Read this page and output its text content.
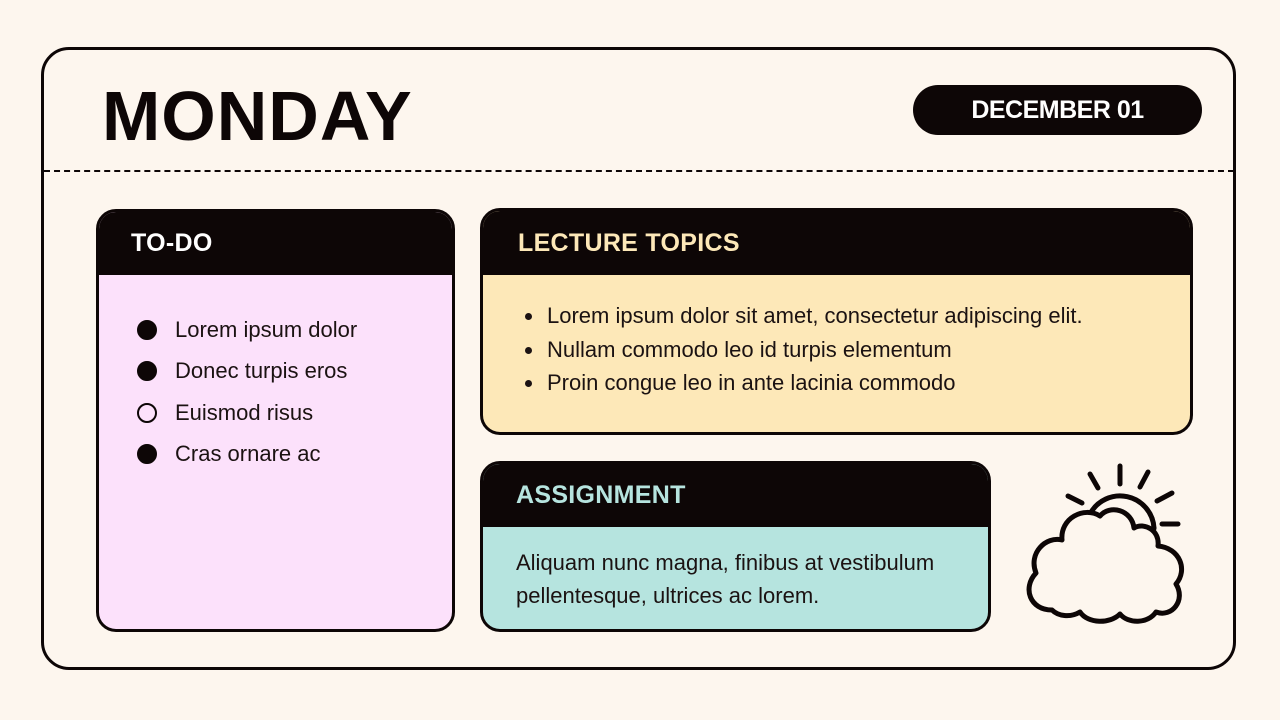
MONDAY	DECEMBER 01
TO-DO
Lorem ipsum dolor
Donec turpis eros
Euismod risus
Cras ornare ac
LECTURE TOPICS
• Lorem ipsum dolor sit amet, consectetur adipiscing elit.
• Nullam commodo leo id turpis elementum
• Proin congue leo in ante lacinia commodo
ASSIGNMENT
Aliquam nunc magna, finibus at vestibulum pellentesque, ultrices ac lorem.
